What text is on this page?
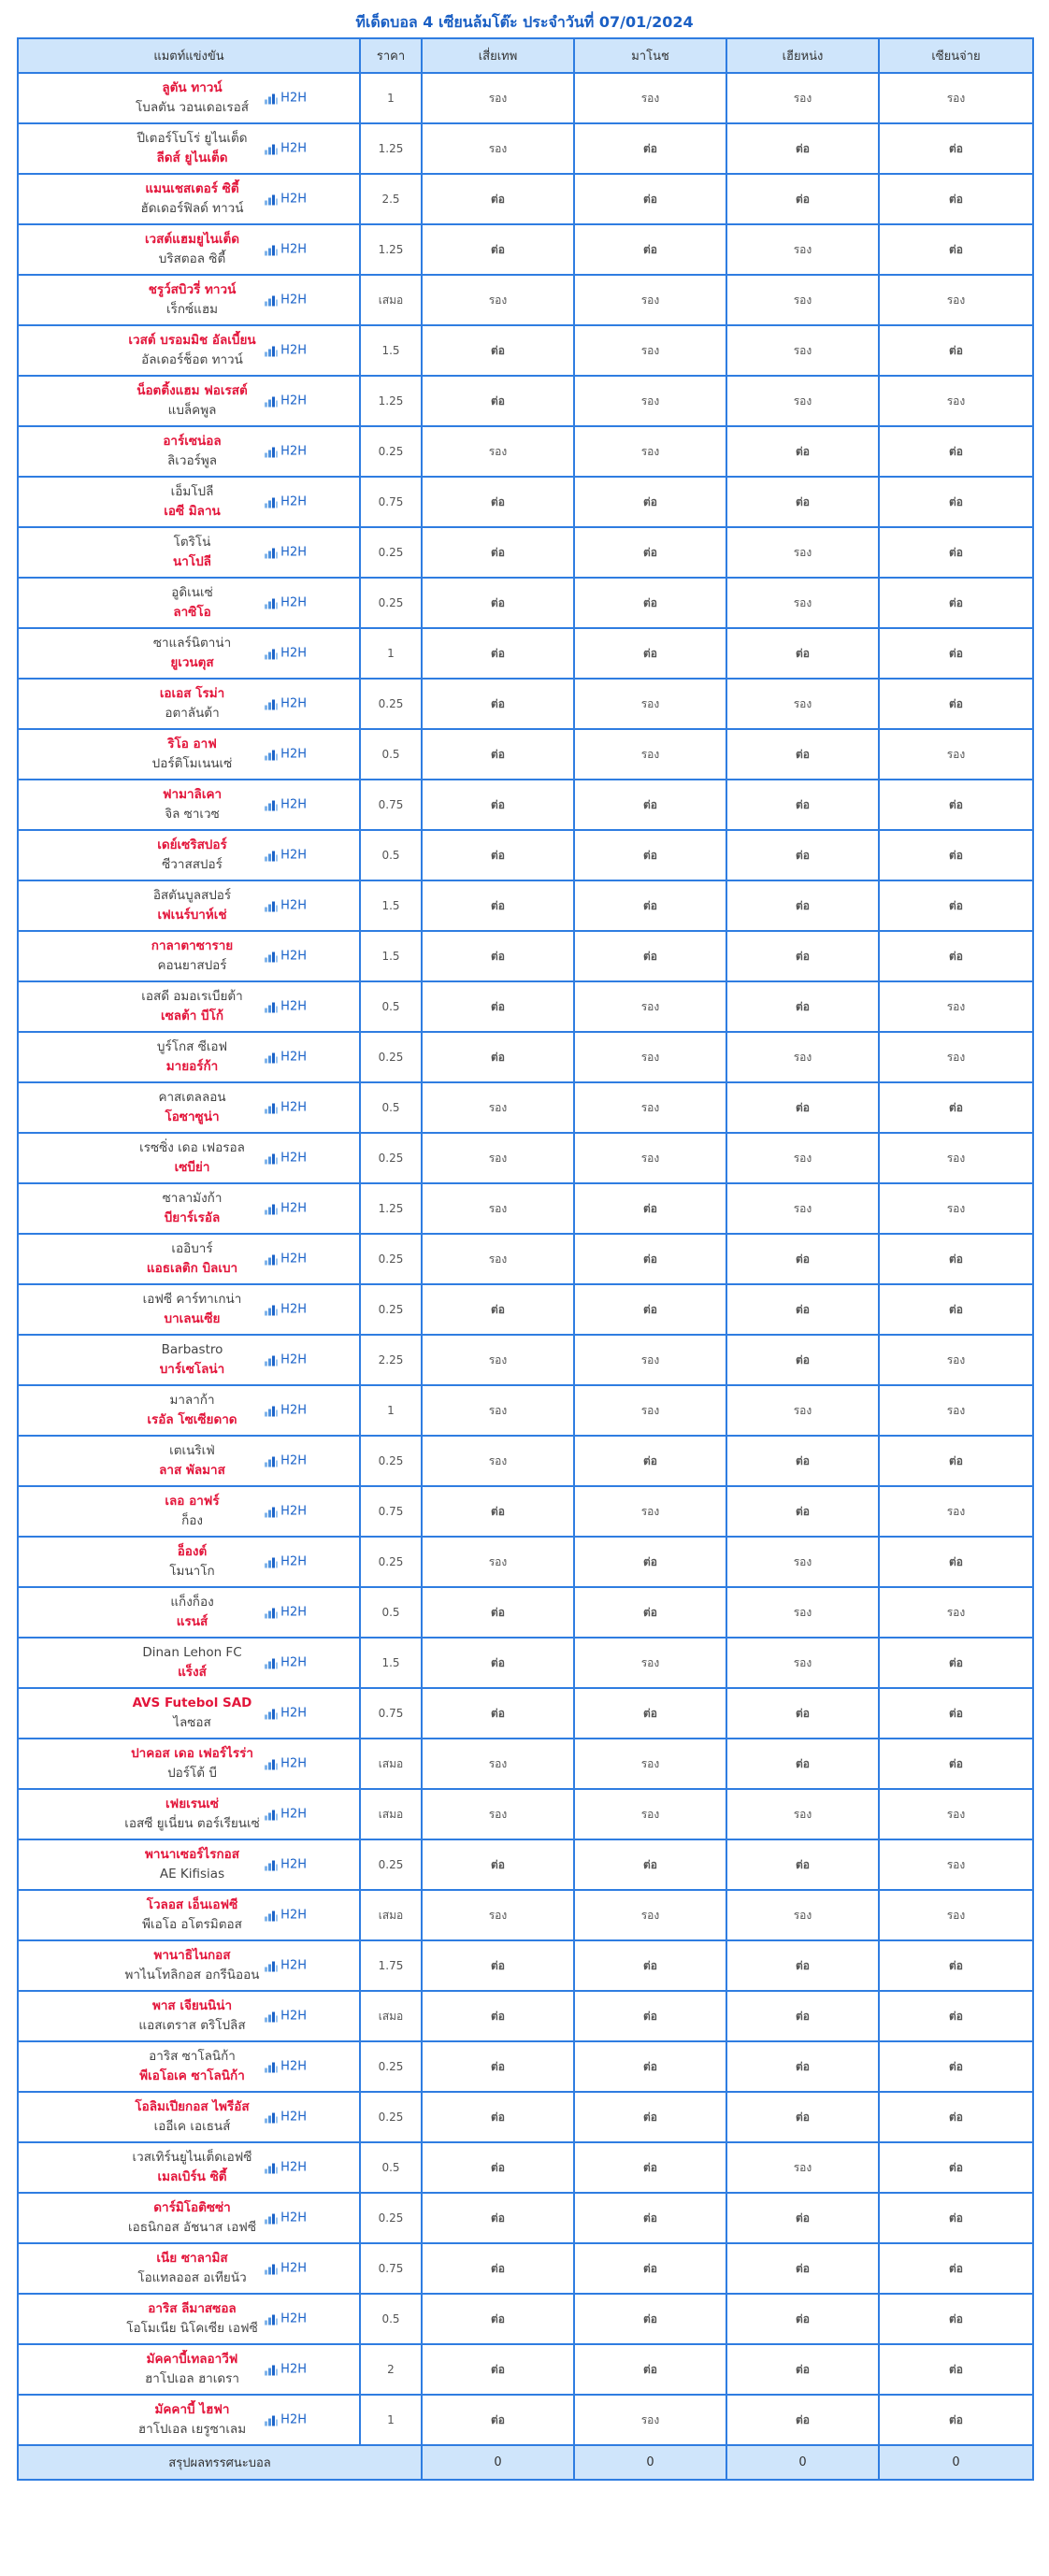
ทีเด็ดบอล 4 เซียนล้มโต๊ะ ประจำวันที่ 07/01/2024
แมตท์แข่งขัน	ราคา	เสี่ยเทพ	มาโนช	เฮียหน่ง	เซียนจ่าย

ลูตัน ทาวน์
โบลตัน วอนเดอเรอส์
H2H	1	รอง	รอง	รอง	รอง

ปีเตอร์โบโร่ ยูไนเต็ด
ลีดส์ ยูไนเต็ด
H2H	1.25	รอง	ต่อ	ต่อ	ต่อ

แมนเชสเตอร์ ซิตี้
ฮัดเดอร์ฟิลด์ ทาวน์
H2H	2.5	ต่อ	ต่อ	ต่อ	ต่อ

เวสต์แฮมยูไนเต็ด
บริสตอล ซิตี้
H2H	1.25	ต่อ	ต่อ	รอง	ต่อ

ชรูว์สบิวรี่ ทาวน์
เร็กซ์แฮม
H2H	เสมอ	รอง	รอง	รอง	รอง

เวสต์ บรอมมิช อัลเบี้ยน
อัลเดอร์ช็อต ทาวน์
H2H	1.5	ต่อ	รอง	รอง	ต่อ

น็อตติ้งแฮม ฟอเรสต์
แบล็คพูล
H2H	1.25	ต่อ	รอง	รอง	รอง

อาร์เซน่อล
ลิเวอร์พูล
H2H	0.25	รอง	รอง	ต่อ	ต่อ

เอ็มโปลี
เอซี มิลาน
H2H	0.75	ต่อ	ต่อ	ต่อ	ต่อ

โตริโน่
นาโปลี
H2H	0.25	ต่อ	ต่อ	รอง	ต่อ

อูดิเนเซ่
ลาซิโอ
H2H	0.25	ต่อ	ต่อ	รอง	ต่อ

ซาแลร์นิตาน่า
ยูเวนตุส
H2H	1	ต่อ	ต่อ	ต่อ	ต่อ

เอเอส โรม่า
อตาลันต้า
H2H	0.25	ต่อ	รอง	รอง	ต่อ

ริโอ อาฟ
ปอร์ติโมเนนเซ่
H2H	0.5	ต่อ	รอง	ต่อ	รอง

ฟามาลิเคา
จิล ซาเวซ
H2H	0.75	ต่อ	ต่อ	ต่อ	ต่อ

เดย์เซริสปอร์
ซีวาสสปอร์
H2H	0.5	ต่อ	ต่อ	ต่อ	ต่อ

อิสตันบูลสปอร์
เฟเนร์บาห์เช่
H2H	1.5	ต่อ	ต่อ	ต่อ	ต่อ

กาลาตาซาราย
คอนยาสปอร์
H2H	1.5	ต่อ	ต่อ	ต่อ	ต่อ

เอสดี อมอเรเบียต้า
เซลต้า บีโก้
H2H	0.5	ต่อ	รอง	ต่อ	รอง

บูร์โกส ซีเอฟ
มายอร์ก้า
H2H	0.25	ต่อ	รอง	รอง	รอง

คาสเตลลอน
โอซาซูน่า
H2H	0.5	รอง	รอง	ต่อ	ต่อ

เรซซิ่ง เดอ เฟอรอล
เซบีย่า
H2H	0.25	รอง	รอง	รอง	รอง

ซาลามังก้า
บียาร์เรอัล
H2H	1.25	รอง	ต่อ	รอง	รอง

เออิบาร์
แอธเลติก บิลเบา
H2H	0.25	รอง	ต่อ	ต่อ	ต่อ

เอฟซี คาร์ทาเกน่า
บาเลนเซีย
H2H	0.25	ต่อ	ต่อ	ต่อ	ต่อ

Barbastro
บาร์เซโลน่า
H2H	2.25	รอง	รอง	ต่อ	รอง

มาลาก้า
เรอัล โซเซียดาด
H2H	1	รอง	รอง	รอง	รอง

เตเนริเฟ่
ลาส พัลมาส
H2H	0.25	รอง	ต่อ	ต่อ	ต่อ

เลอ อาฟร์
ก็อง
H2H	0.75	ต่อ	รอง	ต่อ	รอง

อ็องต์
โมนาโก
H2H	0.25	รอง	ต่อ	รอง	ต่อ

แก็งก็อง
แรนส์
H2H	0.5	ต่อ	ต่อ	รอง	รอง

Dinan Lehon FC
แร็งส์
H2H	1.5	ต่อ	รอง	รอง	ต่อ

AVS Futebol SAD
ไลซอส
H2H	0.75	ต่อ	ต่อ	ต่อ	ต่อ

ปาคอส เดอ เฟอร์ไรร่า
ปอร์โต้ บี
H2H	เสมอ	รอง	รอง	ต่อ	ต่อ

เฟยเรนเซ่
เอสซี ยูเนี่ยน ตอร์เรียนเซ่
H2H	เสมอ	รอง	รอง	รอง	รอง

พานาเซอร์ไรกอส
AE Kifisias
H2H	0.25	ต่อ	ต่อ	ต่อ	รอง

โวลอส เอ็นเอฟซี
พีเอโอ อโตรมิตอส
H2H	เสมอ	รอง	รอง	รอง	รอง

พานาธิไนกอส
พาไนโทลิกอส อกรีนิออน
H2H	1.75	ต่อ	ต่อ	ต่อ	ต่อ

พาส เจียนนิน่า
แอสเตราส ตริโปลิส
H2H	เสมอ	ต่อ	ต่อ	ต่อ	ต่อ

อาริส ซาโลนิก้า
พีเอโอเค ซาโลนิก้า
H2H	0.25	ต่อ	ต่อ	ต่อ	ต่อ

โอลิมเปียกอส ไพรีอัส
เออีเค เอเธนส์
H2H	0.25	ต่อ	ต่อ	ต่อ	ต่อ

เวสเทิร์นยูไนเต็ดเอฟซี
เมลเบิร์น ซิตี้
H2H	0.5	ต่อ	ต่อ	รอง	ต่อ

ดาร์มิโอติซซ่า
เอธนิกอส อัชนาส เอฟซี
H2H	0.25	ต่อ	ต่อ	ต่อ	ต่อ

เนีย ซาลามิส
โอแทลออส อเทียนัว
H2H	0.75	ต่อ	ต่อ	ต่อ	ต่อ

อาริส ลีมาสซอล
โอโมเนีย นิโคเซีย เอฟซี
H2H	0.5	ต่อ	ต่อ	ต่อ	ต่อ

มัคคาบี้เทลอาวีฟ
ฮาโปเอล ฮาเดรา
H2H	2	ต่อ	ต่อ	ต่อ	ต่อ

มัคคาบี้ ไฮฟา
ฮาโปเอล เยรูซาเลม
H2H	1	ต่อ	รอง	ต่อ	ต่อ
สรุปผลทรรศนะบอล		0	0	0	0
